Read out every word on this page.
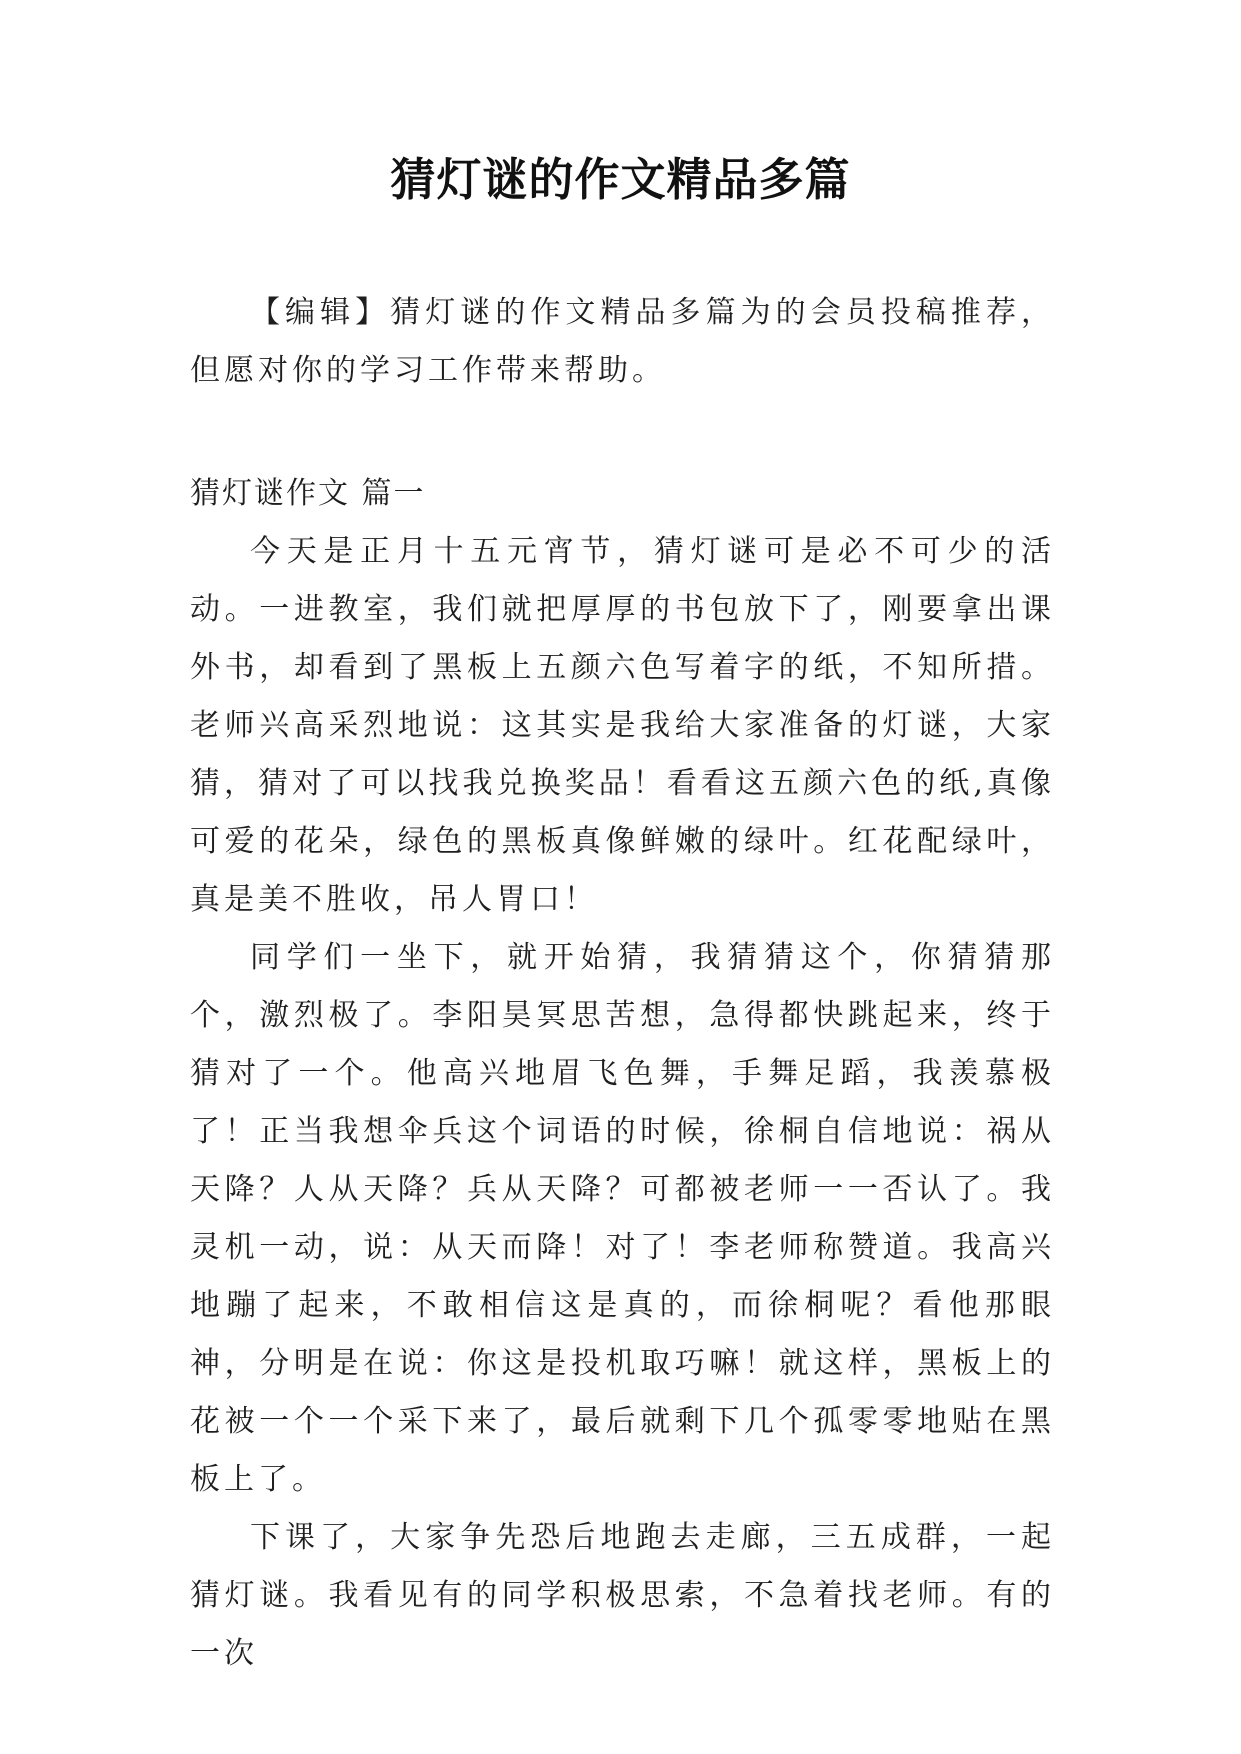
猜灯谜的作文精品多篇

【编辑】猜灯谜的作文精品多篇为的会员投稿推荐，但愿对你的学习工作带来帮助。

猜灯谜作文 篇一

今天是正月十五元宵节，猜灯谜可是必不可少的活动。一进教室，我们就把厚厚的书包放下了，刚要拿出课外书，却看到了黑板上五颜六色写着字的纸，不知所措。老师兴高采烈地说：这其实是我给大家准备的灯谜，大家猜，猜对了可以找我兑换奖品！看看这五颜六色的纸,真像可爱的花朵，绿色的黑板真像鲜嫩的绿叶。红花配绿叶，真是美不胜收，吊人胃口！

同学们一坐下，就开始猜，我猜猜这个，你猜猜那个，激烈极了。李阳昊冥思苦想，急得都快跳起来，终于猜对了一个。他高兴地眉飞色舞，手舞足蹈，我羡慕极了！正当我想伞兵这个词语的时候，徐桐自信地说：祸从天降？人从天降？兵从天降？可都被老师一一否认了。我灵机一动，说：从天而降！对了！李老师称赞道。我高兴地蹦了起来，不敢相信这是真的，而徐桐呢？看他那眼神，分明是在说：你这是投机取巧嘛！就这样，黑板上的花被一个一个采下来了，最后就剩下几个孤零零地贴在黑板上了。

下课了，大家争先恐后地跑去走廊，三五成群，一起猜灯谜。我看见有的同学积极思索，不急着找老师。有的一次
